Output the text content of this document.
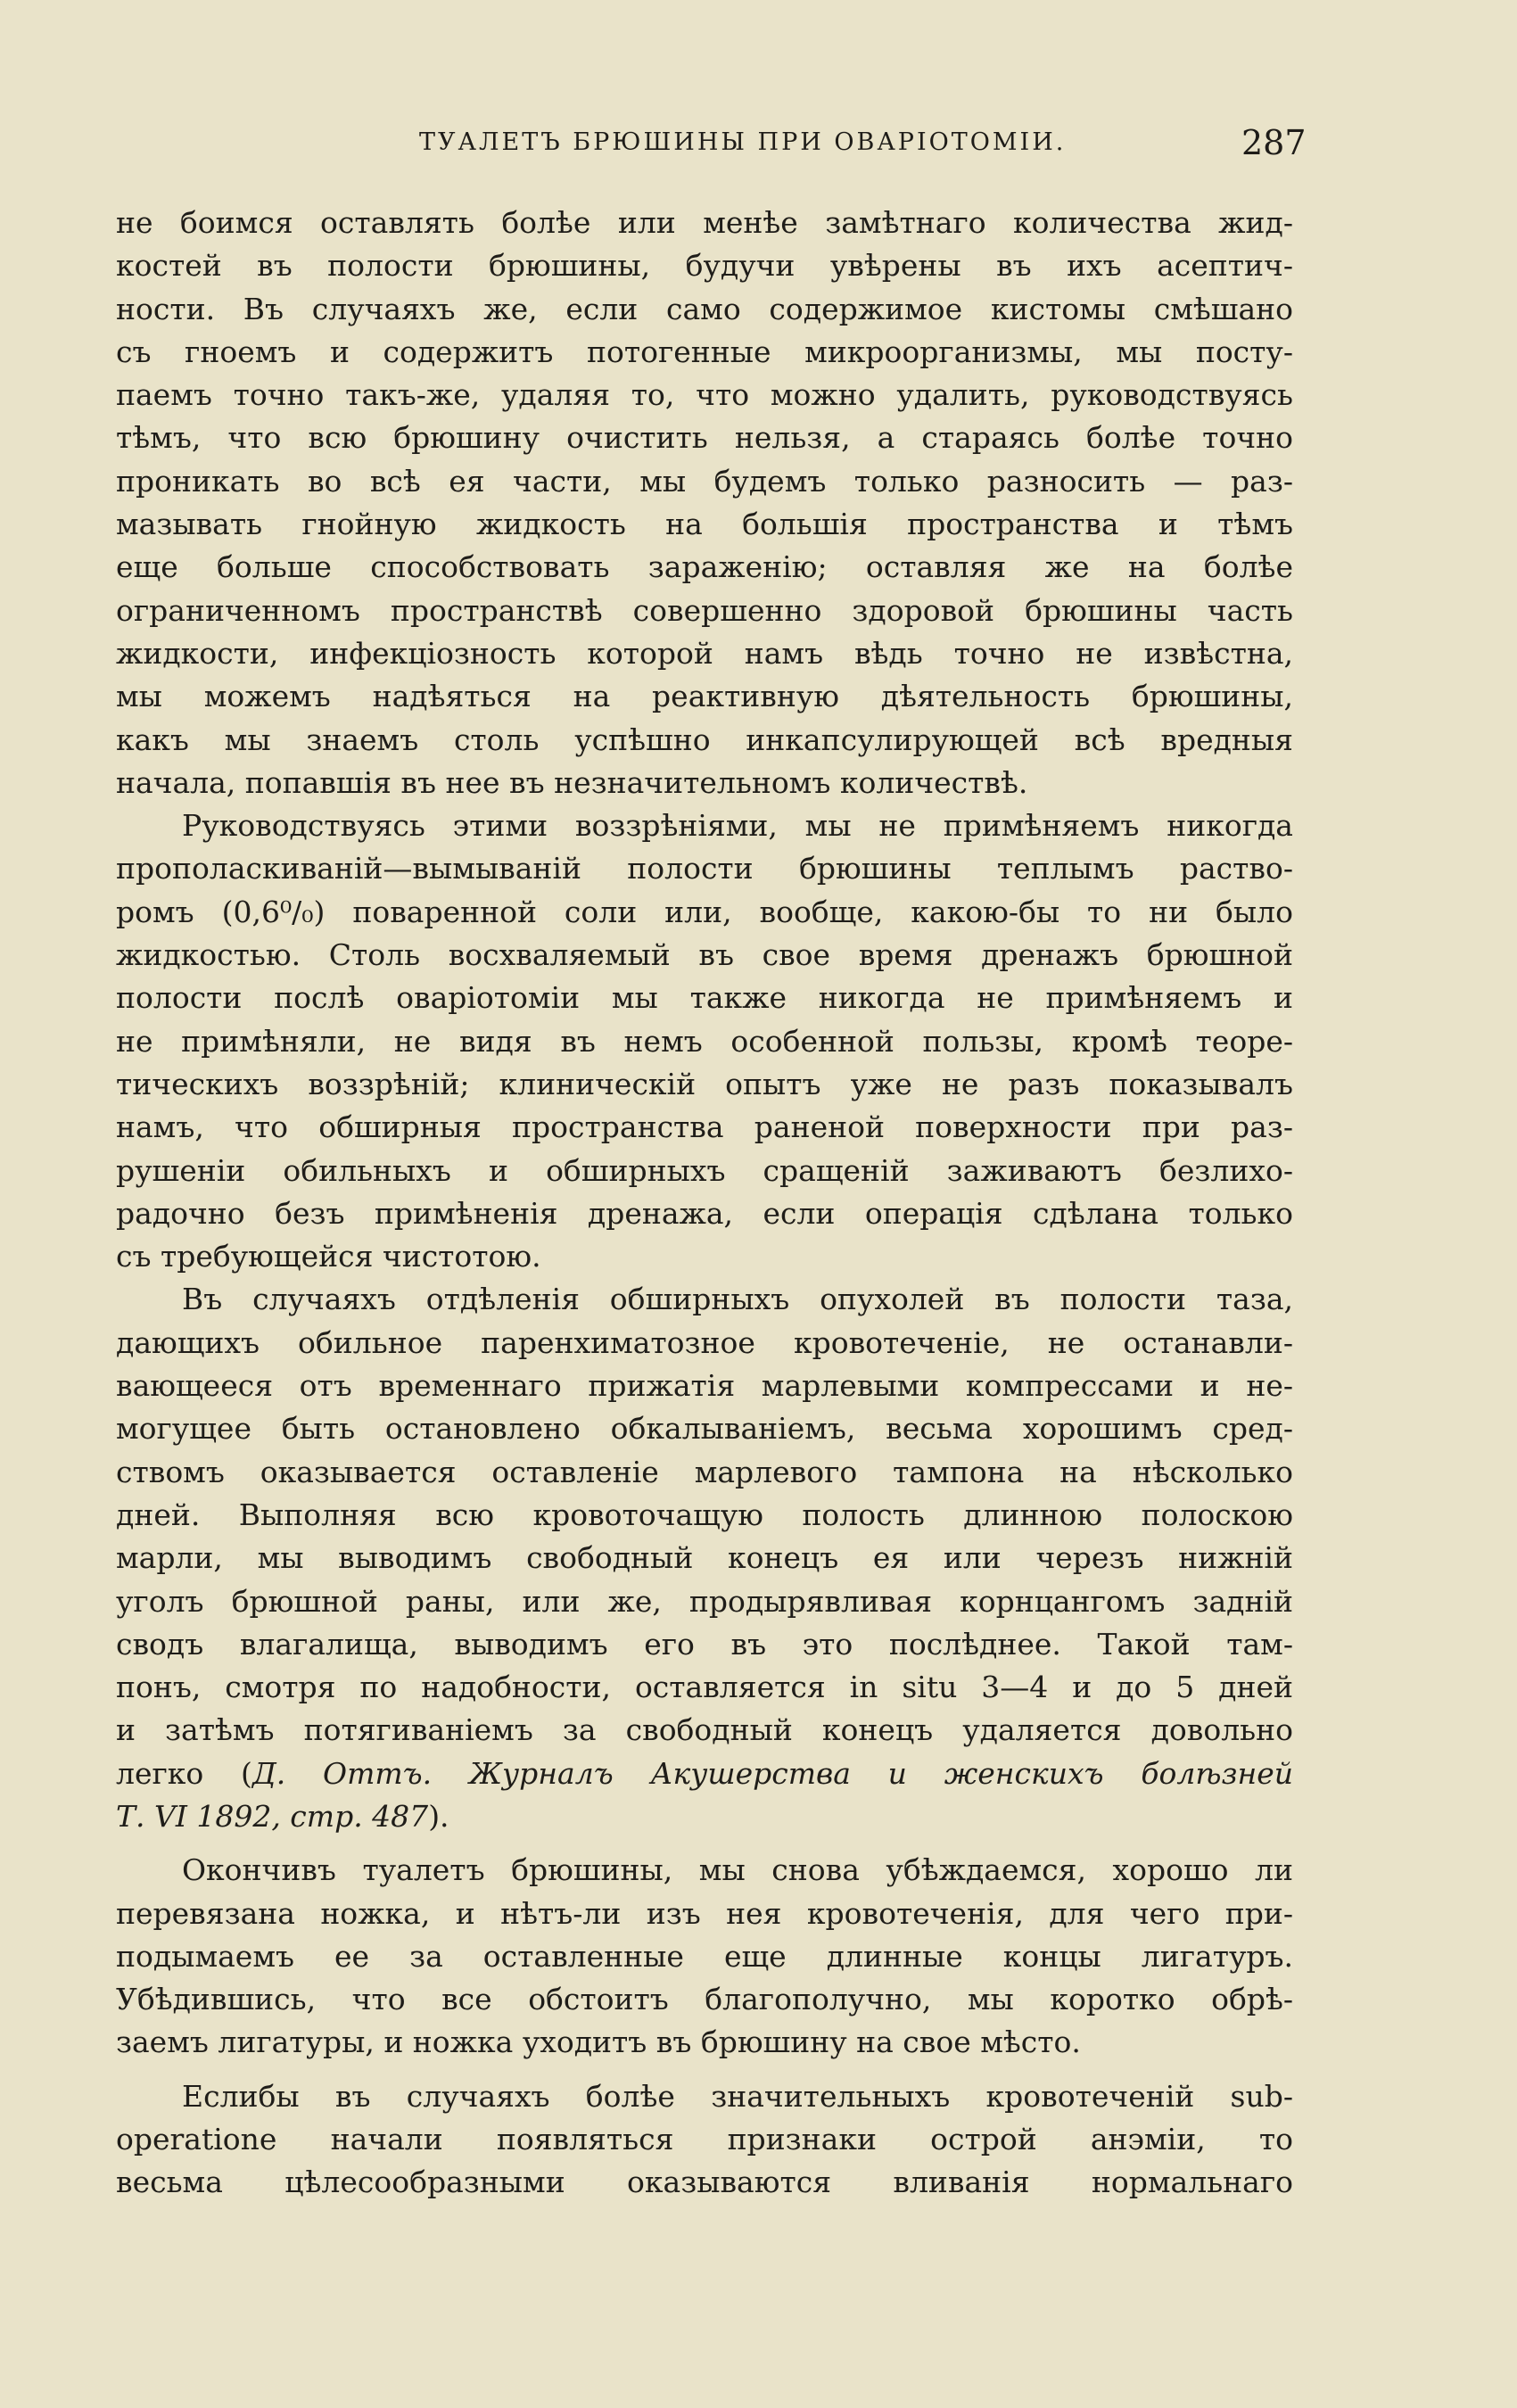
ТУАЛЕТЪ БРЮШИНЫ ПРИ ОВАРІОТОМІИ.	287
не боимся оставлять болѣе или менѣе замѣтнаго количества жид-
костей въ полости брюшины, будучи увѣрены въ ихъ асептич-
ности. Въ случаяхъ же, если само содержимое кистомы смѣшано
съ гноемъ и содержитъ потогенные микроорганизмы, мы посту-
паемъ точно такъ-же, удаляя то, что можно удалить, руководствуясь
тѣмъ, что всю брюшину очистить нельзя, а стараясь болѣе точно
проникать во всѣ ея части, мы будемъ только разносить — раз-
мазывать гнойную жидкость на большія пространства и тѣмъ
еще больше способствовать зараженію; оставляя же на болѣе
ограниченномъ пространствѣ совершенно здоровой брюшины часть
жидкости, инфекціозность которой намъ вѣдь точно не извѣстна,
мы можемъ надѣяться на реактивную дѣятельность брюшины,
какъ мы знаемъ столь успѣшно инкапсулирующей всѣ вредныя
начала, попавшія въ нее въ незначительномъ количествѣ.
Руководствуясь этими воззрѣніями, мы не примѣняемъ никогда
прополаскиваній—вымываній полости брюшины теплымъ раство-
ромъ (0,6⁰/₀) поваренной соли или, вообще, какою-бы то ни было
жидкостью. Столь восхваляемый въ свое время дренажъ брюшной
полости послѣ оваріотоміи мы также никогда не примѣняемъ и
не примѣняли, не видя въ немъ особенной пользы, кромѣ теоре-
тическихъ воззрѣній; клиническій опытъ уже не разъ показывалъ
намъ, что обширныя пространства раненой поверхности при раз-
рушеніи обильныхъ и обширныхъ сращеній заживаютъ безлихо-
радочно безъ примѣненія дренажа, если операція сдѣлана только
съ требующейся чистотою.
Въ случаяхъ отдѣленія обширныхъ опухолей въ полости таза,
дающихъ обильное паренхиматозное кровотеченіе, не останавли-
вающееся отъ временнаго прижатія марлевыми компрессами и не-
могущее быть остановлено обкалываніемъ, весьма хорошимъ сред-
ствомъ оказывается оставленіе марлевого тампона на нѣсколько
дней. Выполняя всю кровоточащую полость длинною полоскою
марли, мы выводимъ свободный конецъ ея или черезъ нижній
уголъ брюшной раны, или же, продырявливая корнцангомъ задній
сводъ влагалища, выводимъ его въ это послѣднее. Такой там-
понъ, смотря по надобности, оставляется in situ 3—4 и до 5 дней
и затѣмъ потягиваніемъ за свободный конецъ удаляется довольно
легко (Д. Оттъ. Журналъ Акушерства и женскихъ болѣзней
Т. VI 1892, стр. 487).
Окончивъ туалетъ брюшины, мы снова убѣждаемся, хорошо ли
перевязана ножка, и нѣтъ-ли изъ нея кровотеченія, для чего при-
подымаемъ ее за оставленные еще длинные концы лигатуръ.
Убѣдившись, что все обстоитъ благополучно, мы коротко обрѣ-
заемъ лигатуры, и ножка уходитъ въ брюшину на свое мѣсто.
Еслибы въ случаяхъ болѣе значительныхъ кровотеченій sub-
operatione начали появляться признаки острой анэміи, то
весьма цѣлесообразными оказываются вливанія нормальнаго
